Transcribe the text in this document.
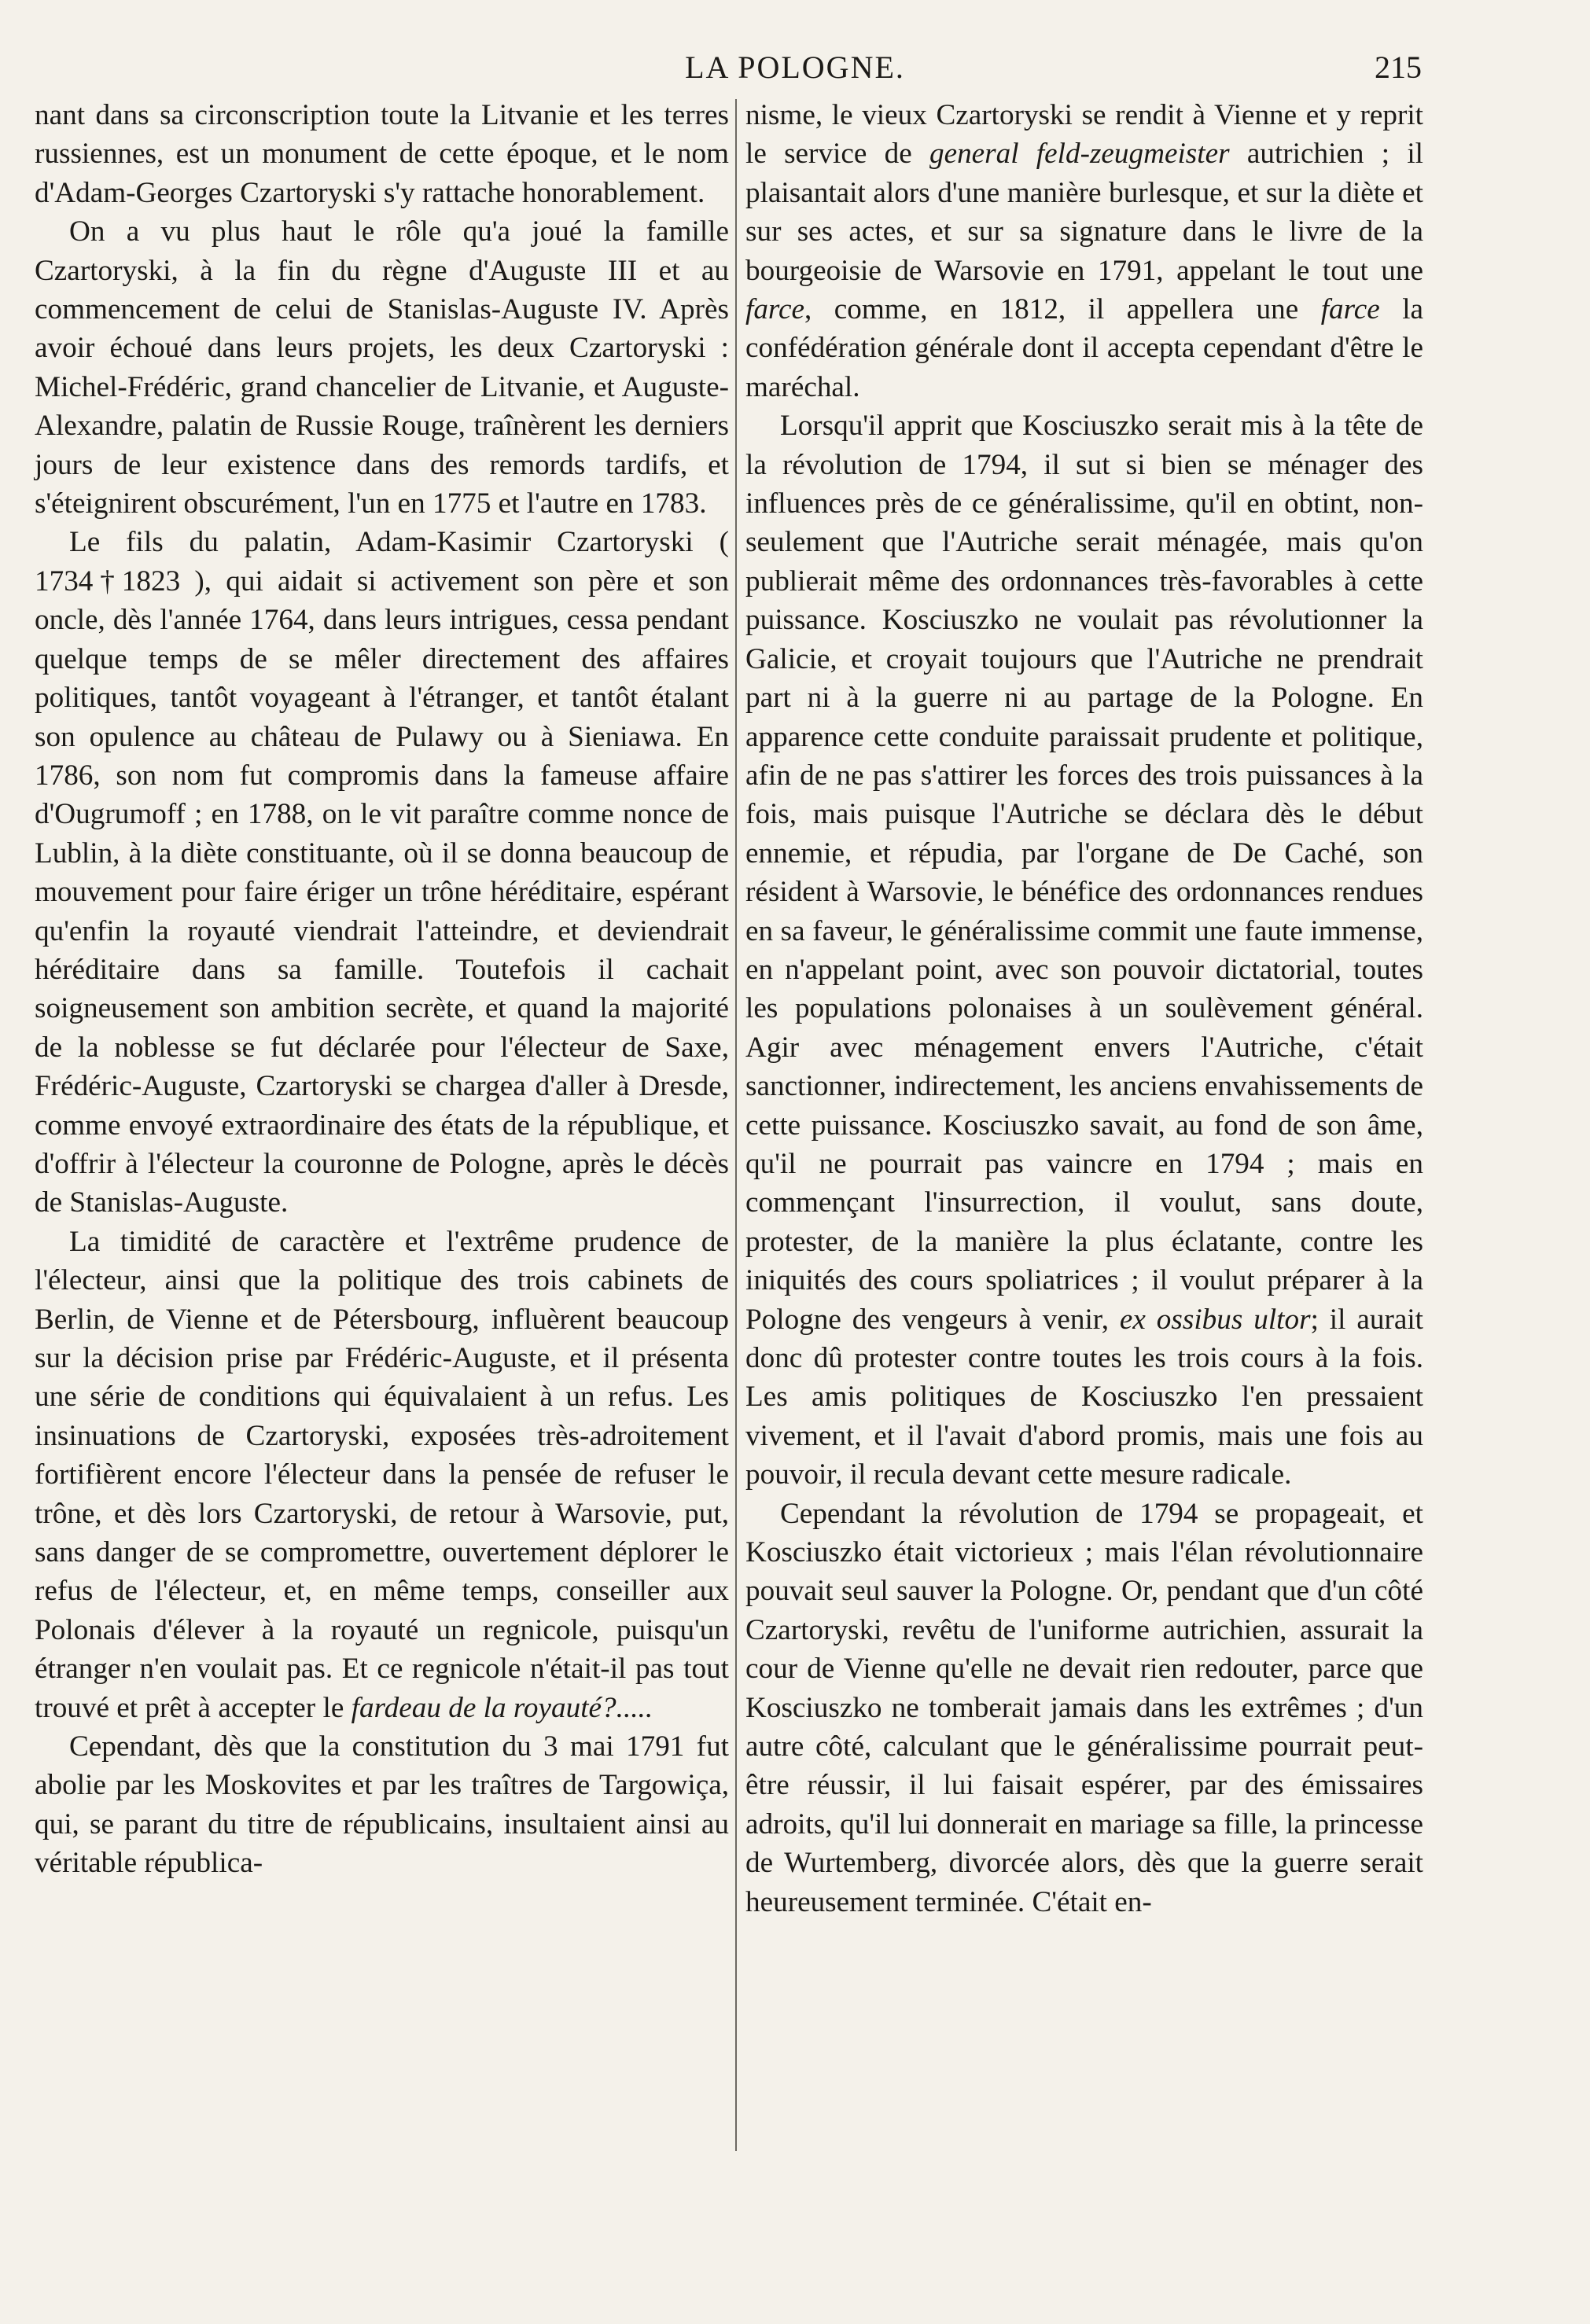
LA POLOGNE.	215

nant dans sa circonscription toute la Litvanie et les terres russiennes, est un monument de cette époque, et le nom d'Adam-Georges Czartoryski s'y rattache honorablement.

On a vu plus haut le rôle qu'a joué la famille Czartoryski, à la fin du règne d'Auguste III et au commencement de celui de Stanislas-Auguste IV. Après avoir échoué dans leurs projets, les deux Czartoryski : Michel-Frédéric, grand chancelier de Litvanie, et Auguste-Alexandre, palatin de Russie Rouge, traînèrent les derniers jours de leur existence dans des remords tardifs, et s'éteignirent obscurément, l'un en 1775 et l'autre en 1783.

Le fils du palatin, Adam-Kasimir Czartoryski ( 1734†1823 ), qui aidait si activement son père et son oncle, dès l'année 1764, dans leurs intrigues, cessa pendant quelque temps de se mêler directement des affaires politiques, tantôt voyageant à l'étranger, et tantôt étalant son opulence au château de Pulawy ou à Sieniawa. En 1786, son nom fut compromis dans la fameuse affaire d'Ougrumoff ; en 1788, on le vit paraître comme nonce de Lublin, à la diète constituante, où il se donna beaucoup de mouvement pour faire ériger un trône héréditaire, espérant qu'enfin la royauté viendrait l'atteindre, et deviendrait héréditaire dans sa famille. Toutefois il cachait soigneusement son ambition secrète, et quand la majorité de la noblesse se fut déclarée pour l'électeur de Saxe, Frédéric-Auguste, Czartoryski se chargea d'aller à Dresde, comme envoyé extraordinaire des états de la république, et d'offrir à l'électeur la couronne de Pologne, après le décès de Stanislas-Auguste.

La timidité de caractère et l'extrême prudence de l'électeur, ainsi que la politique des trois cabinets de Berlin, de Vienne et de Pétersbourg, influèrent beaucoup sur la décision prise par Frédéric-Auguste, et il présenta une série de conditions qui équivalaient à un refus. Les insinuations de Czartoryski, exposées très-adroitement fortifièrent encore l'électeur dans la pensée de refuser le trône, et dès lors Czartoryski, de retour à Warsovie, put, sans danger de se compromettre, ouvertement déplorer le refus de l'électeur, et, en même temps, conseiller aux Polonais d'élever à la royauté un regnicole, puisqu'un étranger n'en voulait pas. Et ce regnicole n'était-il pas tout trouvé et prêt à accepter le fardeau de la royauté?.....

Cependant, dès que la constitution du 3 mai 1791 fut abolie par les Moskovites et par les traîtres de Targowiça, qui, se parant du titre de républicains, insultaient ainsi au véritable républica-

nisme, le vieux Czartoryski se rendit à Vienne et y reprit le service de general feld-zeugmeister autrichien ; il plaisantait alors d'une manière burlesque, et sur la diète et sur ses actes, et sur sa signature dans le livre de la bourgeoisie de Warsovie en 1791, appelant le tout une farce, comme, en 1812, il appellera une farce la confédération générale dont il accepta cependant d'être le maréchal.

Lorsqu'il apprit que Kosciuszko serait mis à la tête de la révolution de 1794, il sut si bien se ménager des influences près de ce généralissime, qu'il en obtint, non-seulement que l'Autriche serait ménagée, mais qu'on publierait même des ordonnances très-favorables à cette puissance. Kosciuszko ne voulait pas révolutionner la Galicie, et croyait toujours que l'Autriche ne prendrait part ni à la guerre ni au partage de la Pologne. En apparence cette conduite paraissait prudente et politique, afin de ne pas s'attirer les forces des trois puissances à la fois, mais puisque l'Autriche se déclara dès le début ennemie, et répudia, par l'organe de De Caché, son résident à Warsovie, le bénéfice des ordonnances rendues en sa faveur, le généralissime commit une faute immense, en n'appelant point, avec son pouvoir dictatorial, toutes les populations polonaises à un soulèvement général. Agir avec ménagement envers l'Autriche, c'était sanctionner, indirectement, les anciens envahissements de cette puissance. Kosciuszko savait, au fond de son âme, qu'il ne pourrait pas vaincre en 1794 ; mais en commençant l'insurrection, il voulut, sans doute, protester, de la manière la plus éclatante, contre les iniquités des cours spoliatrices ; il voulut préparer à la Pologne des vengeurs à venir, ex ossibus ultor; il aurait donc dû protester contre toutes les trois cours à la fois. Les amis politiques de Kosciuszko l'en pressaient vivement, et il l'avait d'abord promis, mais une fois au pouvoir, il recula devant cette mesure radicale.

Cependant la révolution de 1794 se propageait, et Kosciuszko était victorieux ; mais l'élan révolutionnaire pouvait seul sauver la Pologne. Or, pendant que d'un côté Czartoryski, revêtu de l'uniforme autrichien, assurait la cour de Vienne qu'elle ne devait rien redouter, parce que Kosciuszko ne tomberait jamais dans les extrêmes ; d'un autre côté, calculant que le généralissime pourrait peut-être réussir, il lui faisait espérer, par des émissaires adroits, qu'il lui donnerait en mariage sa fille, la princesse de Wurtemberg, divorcée alors, dès que la guerre serait heureusement terminée. C'était en-
